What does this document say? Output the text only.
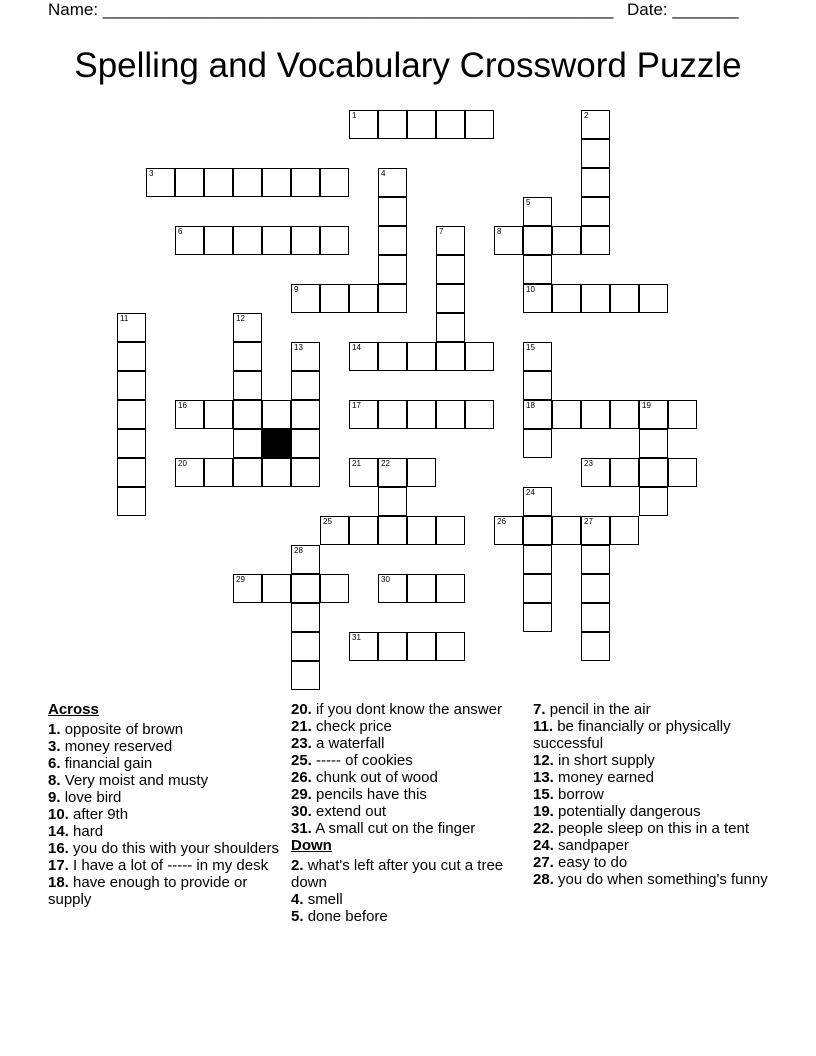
Name: ______________________________________________________ Date: _______
Spelling and Vocabulary Crossword Puzzle
1	2
3	4
5
10
6	7	8
9
11	12
13	14	15
18
16	17	19
20	21	22	23
24
25	26	27
28
29	30
31
Across
1. opposite of brown
3. money reserved
6. financial gain
8. Very moist and musty
9. love bird
10. after 9th
14. hard
16. you do this with your shoulders
17. I have a lot of ----- in my desk
18. have enough to provide or supply
20. if you dont know the answer
21. check price
23. a waterfall
25. ----- of cookies
26. chunk out of wood
29. pencils have this
30. extend out
31. A small cut on the finger
Down
2. what's left after you cut a tree down
4. smell
5. done before
7. pencil in the air
11. be financially or physically successful
12. in short supply
13. money earned
15. borrow
19. potentially dangerous
22. people sleep on this in a tent
24. sandpaper
27. easy to do
28. you do when something's funny
